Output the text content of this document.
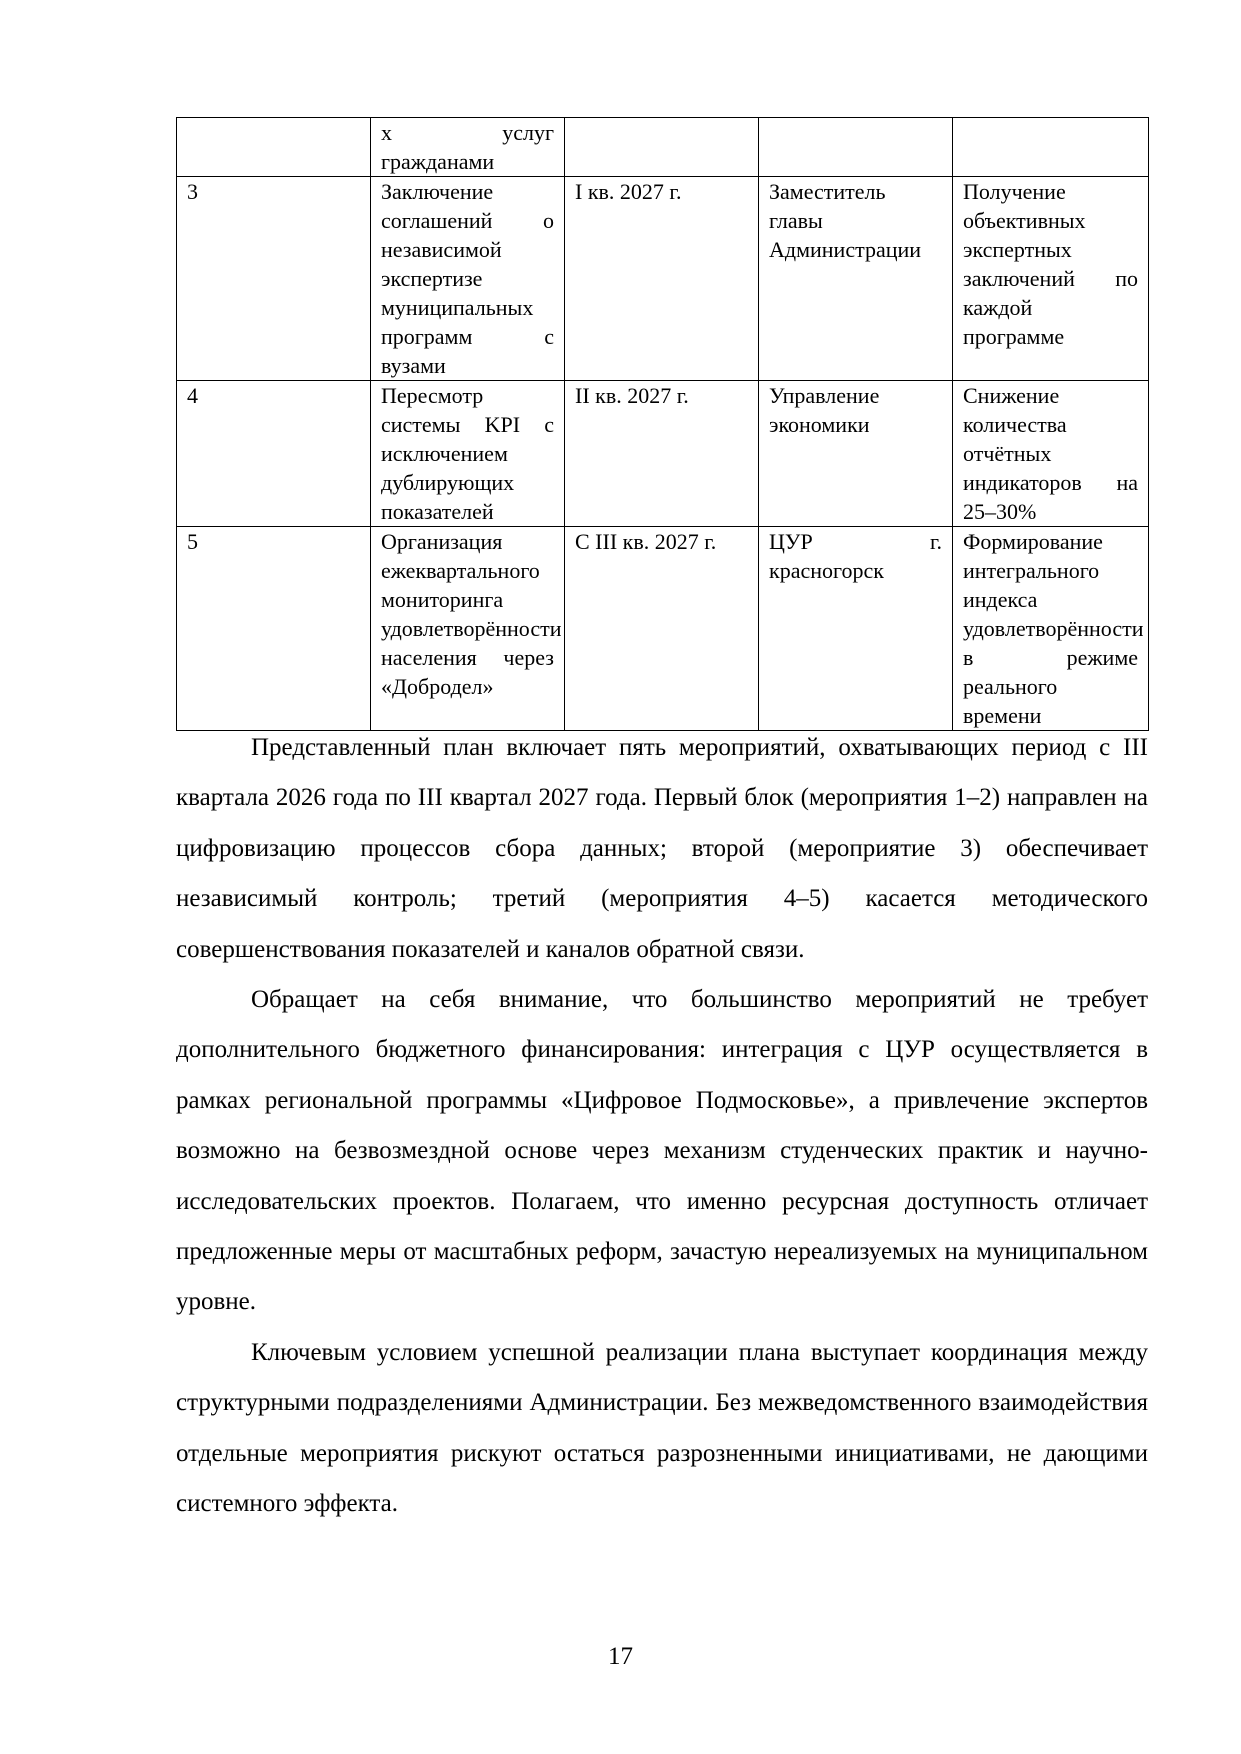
	х услуг гражданами			
3	Заключение соглашений о независимой экспертизе муниципальных программ с вузами	I кв. 2027 г.	Заместитель главы Администрации	Получение объективных экспертных заключений по каждой программе
4	Пересмотр системы KPI с исключением дублирующих показателей	II кв. 2027 г.	Управление экономики	Снижение количества отчётных индикаторов на 25–30%
5	Организация ежеквартального мониторинга удовлетворённости населения через «Добродел»	С III кв. 2027 г.	ЦУР г. красногорск	Формирование интегрального индекса удовлетворённости в режиме реального времени

Представленный план включает пять мероприятий, охватывающих период с III квартала 2026 года по III квартал 2027 года. Первый блок (мероприятия 1–2) направлен на цифровизацию процессов сбора данных; второй (мероприятие 3) обеспечивает независимый контроль; третий (мероприятия 4–5) касается методического совершенствования показателей и каналов обратной связи.

Обращает на себя внимание, что большинство мероприятий не требует дополнительного бюджетного финансирования: интеграция с ЦУР осуществляется в рамках региональной программы «Цифровое Подмосковье», а привлечение экспертов возможно на безвозмездной основе через механизм студенческих практик и научно-исследовательских проектов. Полагаем, что именно ресурсная доступность отличает предложенные меры от масштабных реформ, зачастую нереализуемых на муниципальном уровне.

Ключевым условием успешной реализации плана выступает координация между структурными подразделениями Администрации. Без межведомственного взаимодействия отдельные мероприятия рискуют остаться разрозненными инициативами, не дающими системного эффекта.

17
